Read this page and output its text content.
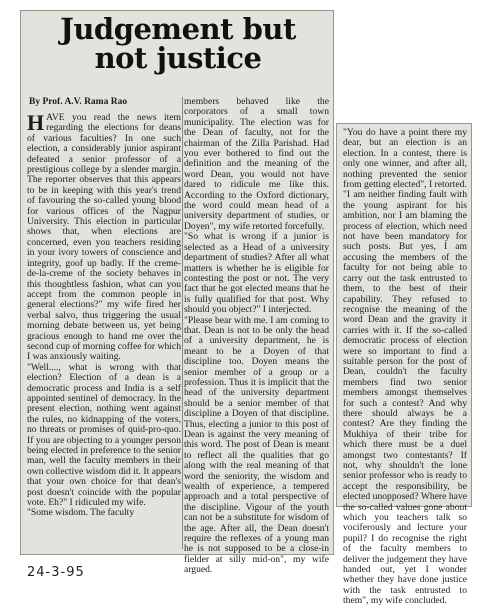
Judgement but
not justice

By Prof. A.V. Rama Rao

HAVE you read the news item regarding the elections for deans of various faculties? In one such election, a considerably junior aspirant defeated a senior professor of a prestigious college by a slender margin. The reporter observes that this appears to be in keeping with this year's trend of favouring the so-called young blood for various offices of the Nagpur University. This election in particular shows that, when elections are concerned, even you teachers residing in your ivory towers of conscience and integrity, goof up badly. If the creme-de-la-creme of the society behaves in this thoughtless fashion, what can you accept from the common people in general elections?" my wife fired her verbal salvo, thus triggering the usual morning debate between us, yet being gracious enough to hand me over the second cup of morning coffee for which I was anxiously waiting.
"Well...., what is wrong with that election? Election of a dean is a democratic process and India is a self appointed sentinel of democracy. In the present election, nothing went against the rules, no kidnapping of the voters, no threats or promises of quid-pro-quo. If you are objecting to a younger person being elected in preference to the senior man, well the faculty members in their own collective wisdom did it. It appears that your own choice for that dean's post doesn't coincide with the popular vote. Eh?" I ridiculed my wife.
"Some wisdom. The faculty
members behaved like the corporators of a small town municipality. The election was for the Dean of faculty, not for the chairman of the Zilla Parishad. Had you ever bothered to find out the definition and the meaning of the word Dean, you would not have dared to ridicule me like this. According to the Oxford dictionary, the word could mean head of a university department of studies, or Doyen", my wife retorted forcefully.
"So what is wrong if a junior is selected as a Head of a university department of studies? After all what matters is whether he is eligible for contesting the post or not. The very fact that he got elected means that he is fully qualified for that post. Why should you object?" I interjected.
"Please bear with me. I am coming to that. Dean is not to be only the head of a university department, he is meant to be a Doyen of that discipline too. Doyen means the senior member of a group or a profession. Thus it is implicit that the head of the university department should be a senior member of that discipline a Doyen of that discipline. Thus, electing a junior to this post of Dean is against the very meaning of this word. The post of Dean is meant to reflect all the qualities that go along with the real meaning of that word the seniority, the wisdom and wealth of experience, a tempered approach and a total perspective of the discipline. Vigour of the youth can not be a substitute for wisdom of the age. After all, the Dean doesn't require the reflexes of a young man he is not supposed to be a close-in fielder at silly mid-on", my wife argued.
"You do have a point there my dear, but an election is an election. In a contest, there is only one winner, and after all, nothing prevented the senior from getting elected", I retorted.
"I am neither finding fault with the young aspirant for his ambition, nor I am blaming the process of election, which need not have been mandatory for such posts. But yes, I am accusing the members of the faculty for not being able to carry out the task entrusted to them, to the best of their capability. They refused to recognise the meaning of the word Dean and the gravity it carries with it. If the so-called democratic process of election were so important to find a suitable person for the post of Dean, couldn't the faculty members find two senior members amongst themselves for such a contest? And why there should always be a contest? Are they finding the Mukhiya of their tribe for which there must be a duel amongst two contestants? If not, why shouldn't the lone senior professor who is ready to accept the responsibility, be elected unopposed? Where have the so-called values gone about which you teachers talk so vociferously and lecture your pupil? I do recognise the right of the faculty members to deliver the judgement they have handed out, yet I wonder whether they have done justice with the task entrusted to them", my wife concluded.
24-3-95
